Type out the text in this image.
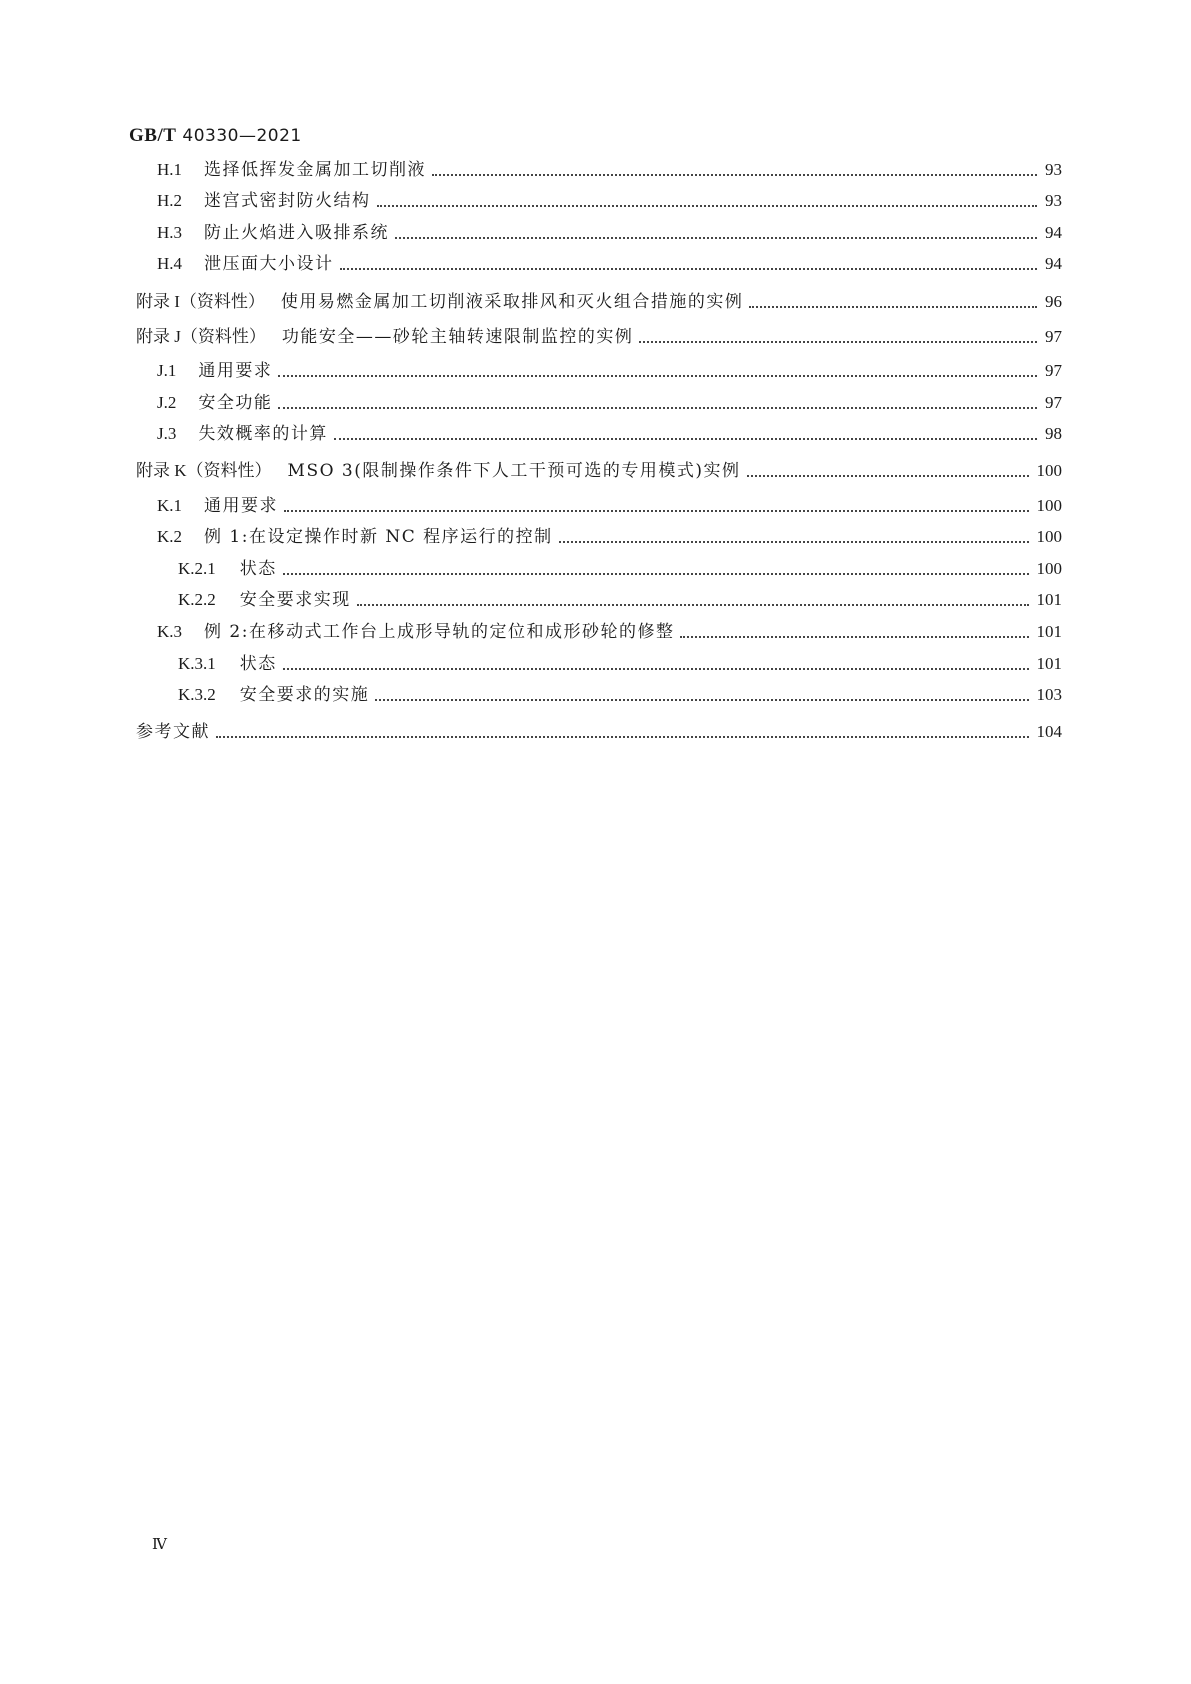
GB/T 40330—2021
H.1 选择低挥发金属加工切削液	93
H.2 迷宫式密封防火结构	93
H.3 防止火焰进入吸排系统	94
H.4 泄压面大小设计	94
附录 I（资料性） 使用易燃金属加工切削液采取排风和灭火组合措施的实例	96
附录 J（资料性） 功能安全——砂轮主轴转速限制监控的实例	97
J.1 通用要求	97
J.2 安全功能	97
J.3 失效概率的计算	98
附录 K（资料性） MSO 3(限制操作条件下人工干预可选的专用模式)实例	100
K.1 通用要求	100
K.2 例 1:在设定操作时新 NC 程序运行的控制	100
K.2.1 状态	100
K.2.2 安全要求实现	101
K.3 例 2:在移动式工作台上成形导轨的定位和成形砂轮的修整	101
K.3.1 状态	101
K.3.2 安全要求的实施	103
参考文献	104
Ⅳ
